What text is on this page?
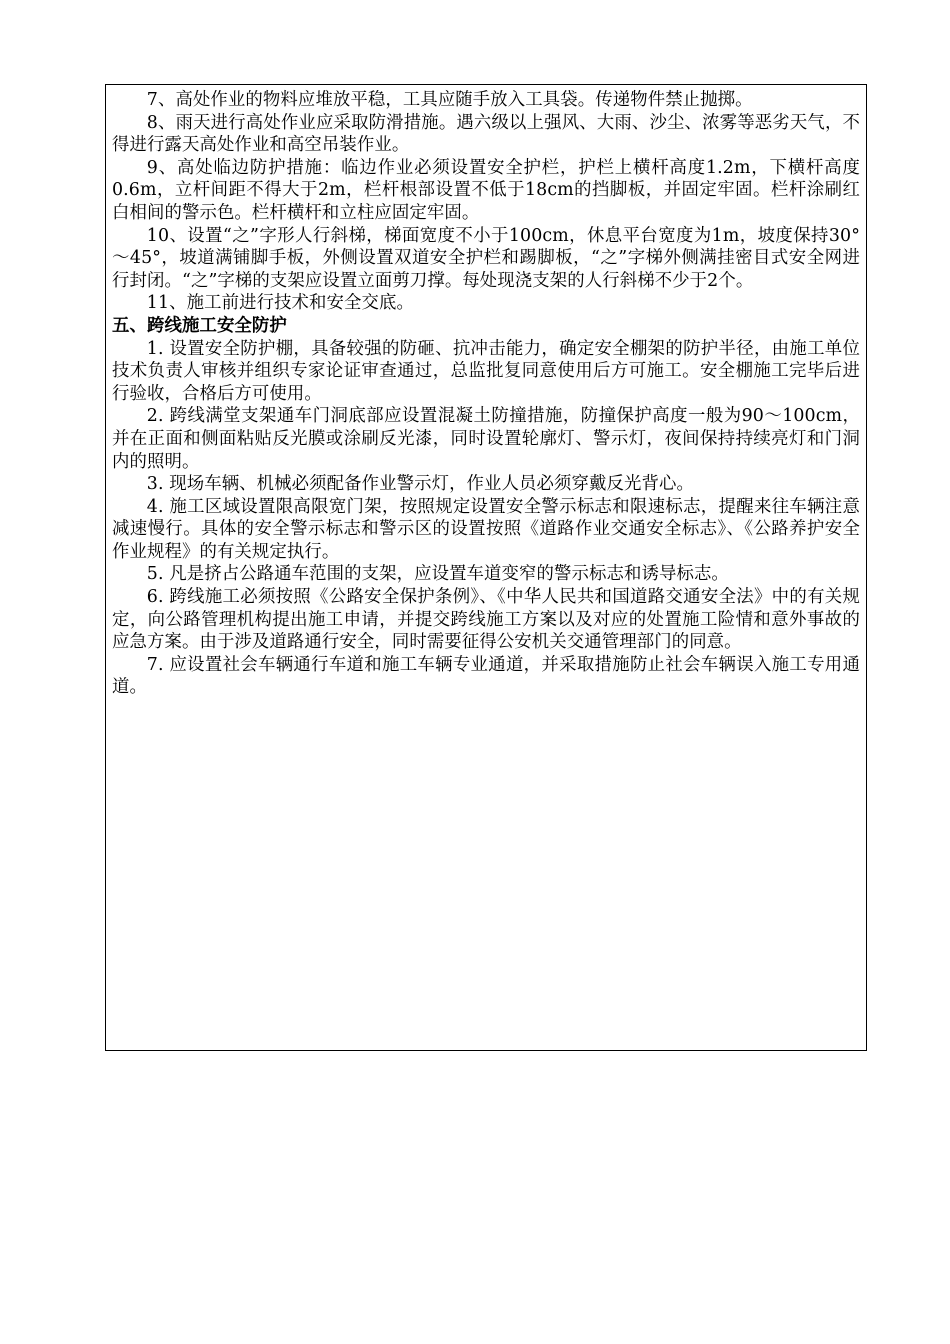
7、高处作业的物料应堆放平稳，工具应随手放入工具袋。传递物件禁止抛掷。

8、雨天进行高处作业应采取防滑措施。遇六级以上强风、大雨、沙尘、浓雾等恶劣天气，不得进行露天高处作业和高空吊装作业。

9、高处临边防护措施：临边作业必须设置安全护栏，护栏上横杆高度1.2m，下横杆高度0.6m，立杆间距不得大于2m，栏杆根部设置不低于18cm的挡脚板，并固定牢固。栏杆涂刷红白相间的警示色。栏杆横杆和立柱应固定牢固。

10、设置“之”字形人行斜梯，梯面宽度不小于100cm，休息平台宽度为1m，坡度保持30°～45°，坡道满铺脚手板，外侧设置双道安全护栏和踢脚板，“之”字梯外侧满挂密目式安全网进行封闭。“之”字梯的支架应设置立面剪刀撑。每处现浇支架的人行斜梯不少于2个。

11、施工前进行技术和安全交底。

五、跨线施工安全防护

1. 设置安全防护棚，具备较强的防砸、抗冲击能力，确定安全棚架的防护半径，由施工单位技术负责人审核并组织专家论证审查通过，总监批复同意使用后方可施工。安全棚施工完毕后进行验收，合格后方可使用。

2. 跨线满堂支架通车门洞底部应设置混凝土防撞措施，防撞保护高度一般为90～100cm，并在正面和侧面粘贴反光膜或涂刷反光漆，同时设置轮廓灯、警示灯，夜间保持持续亮灯和门洞内的照明。

3. 现场车辆、机械必须配备作业警示灯，作业人员必须穿戴反光背心。

4. 施工区域设置限高限宽门架，按照规定设置安全警示标志和限速标志，提醒来往车辆注意减速慢行。具体的安全警示标志和警示区的设置按照《道路作业交通安全标志》、《公路养护安全作业规程》的有关规定执行。

5. 凡是挤占公路通车范围的支架，应设置车道变窄的警示标志和诱导标志。

6. 跨线施工必须按照《公路安全保护条例》、《中华人民共和国道路交通安全法》中的有关规定，向公路管理机构提出施工申请，并提交跨线施工方案以及对应的处置施工险情和意外事故的应急方案。由于涉及道路通行安全，同时需要征得公安机关交通管理部门的同意。

7. 应设置社会车辆通行车道和施工车辆专业通道，并采取措施防止社会车辆误入施工专用通道。
